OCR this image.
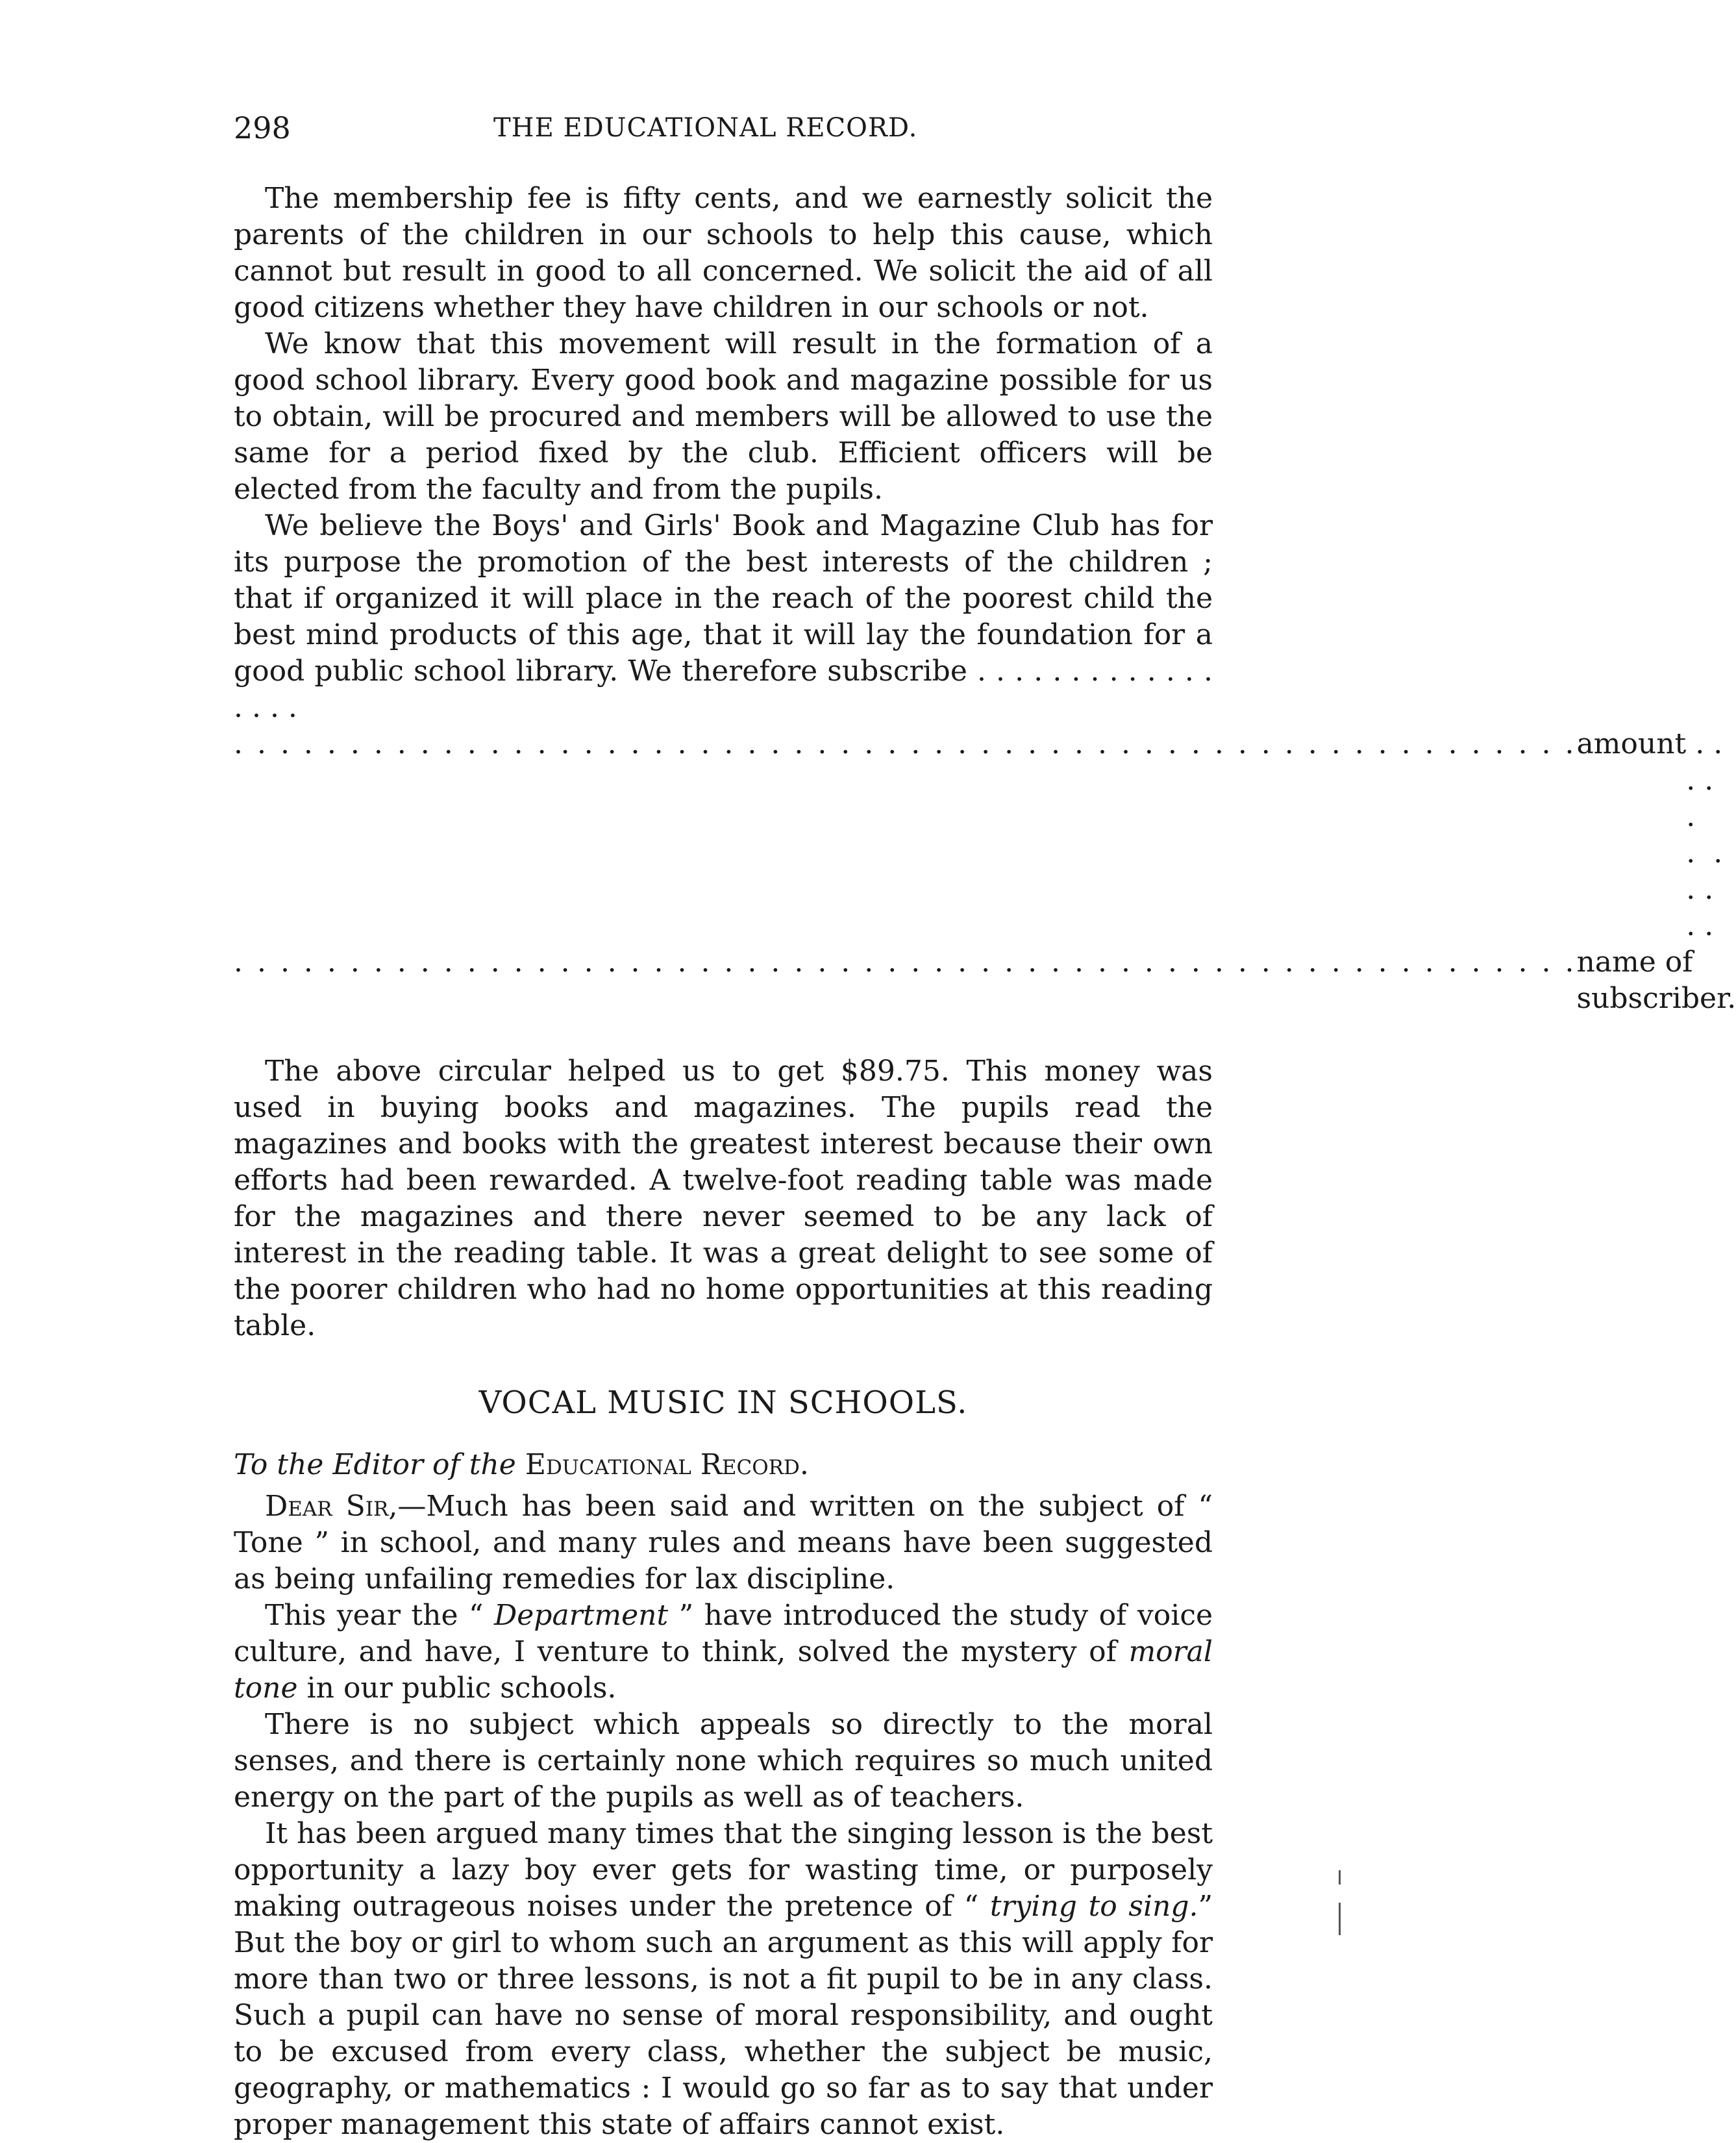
298	THE EDUCATIONAL RECORD.

The membership fee is fifty cents, and we earnestly solicit the parents of the children in our schools to help this cause, which cannot but result in good to all concerned. We solicit the aid of all good citizens whether they have children in our schools or not.

We know that this movement will result in the formation of a good school library. Every good book and magazine possible for us to obtain, will be procured and members will be allowed to use the same for a period fixed by the club. Efficient officers will be elected from the faculty and from the pupils.

We believe the Boys' and Girls' Book and Magazine Club has for its purpose the promotion of the best interests of the children ; that if organized it will place in the reach of the poorest child the best mind products of this age, that it will lay the foundation for a good public school library. We therefore subscribe . . . . . . . . . . . . . . . . .

. . . . . . . . . . . . . . . . . . . . . . . . . . . . . . . . . . . . . . . . . . . . . . . . . . . . . . . . . . amount . . . . . .  . . . . .
. . . . . . . . . . . . . . . . . . . . . . . . . . . . . . . . . . . . . . . . . . . . . . . . . . . . . . . . . . name of subscriber.

The above circular helped us to get $89.75. This money was used in buying books and magazines. The pupils read the magazines and books with the greatest interest because their own efforts had been rewarded. A twelve-foot reading table was made for the magazines and there never seemed to be any lack of interest in the reading table. It was a great delight to see some of the poorer children who had no home opportunities at this reading table.

VOCAL MUSIC IN SCHOOLS.

To the Editor of the Educational Record.

Dear Sir,—Much has been said and written on the subject of “ Tone ” in school, and many rules and means have been suggested as being unfailing remedies for lax discipline.

This year the “ Department ” have introduced the study of voice culture, and have, I venture to think, solved the mystery of moral tone in our public schools.

There is no subject which appeals so directly to the moral senses, and there is certainly none which requires so much united energy on the part of the pupils as well as of teachers.

It has been argued many times that the singing lesson is the best opportunity a lazy boy ever gets for wasting time, or purposely making outrageous noises under the pretence of “ trying to sing.” But the boy or girl to whom such an argument as this will apply for more than two or three lessons, is not a fit pupil to be in any class. Such a pupil can have no sense of moral responsibility, and ought to be excused from every class, whether the subject be music, geography, or mathematics : I would go so far as to say that under proper management this state of affairs cannot exist.
